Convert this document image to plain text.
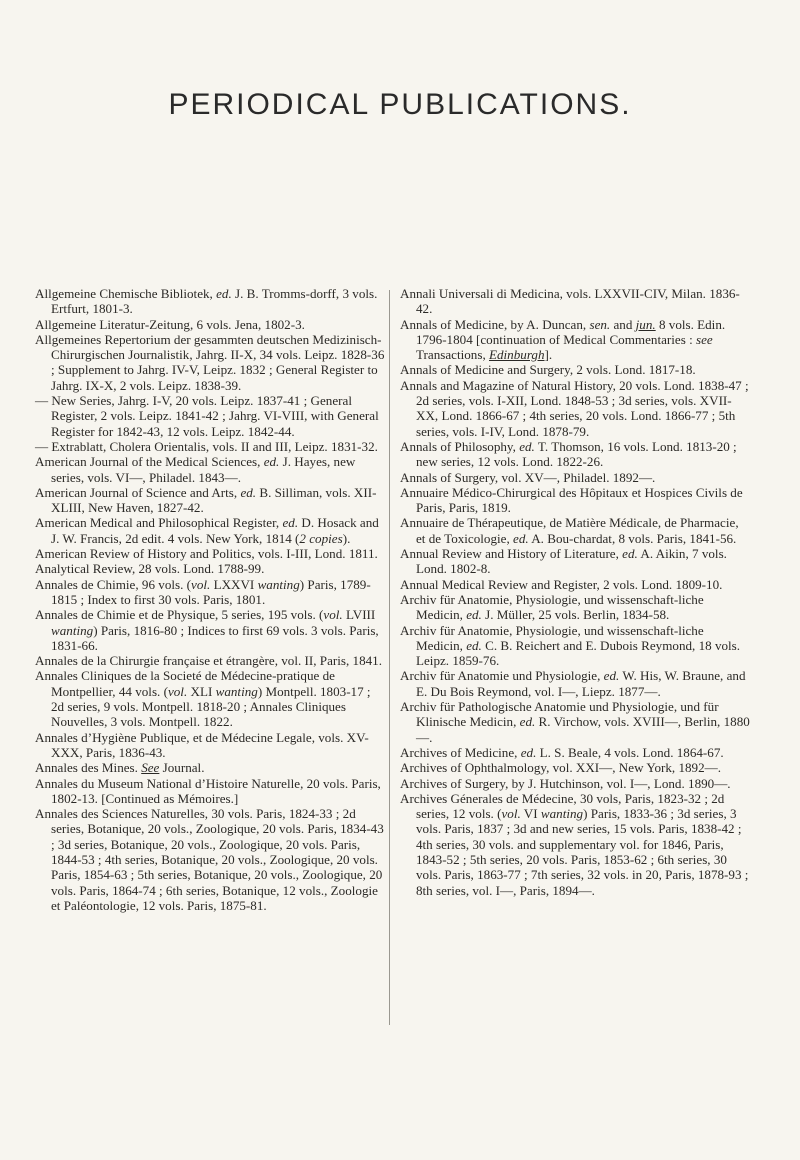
PERIODICAL PUBLICATIONS.

Allgemeine Chemische Bibliotek, ed. J. B. Tromms-dorff, 3 vols. Ertfurt, 1801-3.

Allgemeine Literatur-Zeitung, 6 vols. Jena, 1802-3.

Allgemeines Repertorium der gesammten deutschen Medizinisch-Chirurgischen Journalistik, Jahrg. II-X, 34 vols. Leipz. 1828-36 ; Supplement to Jahrg. IV-V, Leipz. 1832 ; General Register to Jahrg. IX-X, 2 vols. Leipz. 1838-39.

— New Series, Jahrg. I-V, 20 vols. Leipz. 1837-41 ; General Register, 2 vols. Leipz. 1841-42 ; Jahrg. VI-VIII, with General Register for 1842-43, 12 vols. Leipz. 1842-44.

— Extrablatt, Cholera Orientalis, vols. II and III, Leipz. 1831-32.

American Journal of the Medical Sciences, ed. J. Hayes, new series, vols. VI—, Philadel. 1843—.

American Journal of Science and Arts, ed. B. Silliman, vols. XII-XLIII, New Haven, 1827-42.

American Medical and Philosophical Register, ed. D. Hosack and J. W. Francis, 2d edit. 4 vols. New York, 1814 (2 copies).

American Review of History and Politics, vols. I-III, Lond. 1811.

Analytical Review, 28 vols. Lond. 1788-99.

Annales de Chimie, 96 vols. (vol. LXXVI wanting) Paris, 1789-1815 ; Index to first 30 vols. Paris, 1801.

Annales de Chimie et de Physique, 5 series, 195 vols. (vol. LVIII wanting) Paris, 1816-80 ; Indices to first 69 vols. 3 vols. Paris, 1831-66.

Annales de la Chirurgie française et étrangère, vol. II, Paris, 1841.

Annales Cliniques de la Societé de Médecine-pratique de Montpellier, 44 vols. (vol. XLI wanting) Montpell. 1803-17 ; 2d series, 9 vols. Montpell. 1818-20 ; Annales Cliniques Nouvelles, 3 vols. Montpell. 1822.

Annales d’Hygiène Publique, et de Médecine Legale, vols. XV-XXX, Paris, 1836-43.

Annales des Mines. See Journal.

Annales du Museum National d’Histoire Naturelle, 20 vols. Paris, 1802-13. [Continued as Mémoires.]

Annales des Sciences Naturelles, 30 vols. Paris, 1824-33 ; 2d series, Botanique, 20 vols., Zoologique, 20 vols. Paris, 1834-43 ; 3d series, Botanique, 20 vols., Zoologique, 20 vols. Paris, 1844-53 ; 4th series, Botanique, 20 vols., Zoologique, 20 vols. Paris, 1854-63 ; 5th series, Botanique, 20 vols., Zoologique, 20 vols. Paris, 1864-74 ; 6th series, Botanique, 12 vols., Zoologie et Paléontologie, 12 vols. Paris, 1875-81.

Annali Universali di Medicina, vols. LXXVII-CIV, Milan. 1836-42.

Annals of Medicine, by A. Duncan, sen. and jun. 8 vols. Edin. 1796-1804 [continuation of Medical Commentaries : see Transactions, Edinburgh].

Annals of Medicine and Surgery, 2 vols. Lond. 1817-18.

Annals and Magazine of Natural History, 20 vols. Lond. 1838-47 ; 2d series, vols. I-XII, Lond. 1848-53 ; 3d series, vols. XVII-XX, Lond. 1866-67 ; 4th series, 20 vols. Lond. 1866-77 ; 5th series, vols. I-IV, Lond. 1878-79.

Annals of Philosophy, ed. T. Thomson, 16 vols. Lond. 1813-20 ; new series, 12 vols. Lond. 1822-26.

Annals of Surgery, vol. XV—, Philadel. 1892—.

Annuaire Médico-Chirurgical des Hôpitaux et Hospices Civils de Paris, Paris, 1819.

Annuaire de Thérapeutique, de Matière Médicale, de Pharmacie, et de Toxicologie, ed. A. Bou-chardat, 8 vols. Paris, 1841-56.

Annual Review and History of Literature, ed. A. Aikin, 7 vols. Lond. 1802-8.

Annual Medical Review and Register, 2 vols. Lond. 1809-10.

Archiv für Anatomie, Physiologie, und wissenschaft-liche Medicin, ed. J. Müller, 25 vols. Berlin, 1834-58.

Archiv für Anatomie, Physiologie, und wissenschaft-liche Medicin, ed. C. B. Reichert and E. Dubois Reymond, 18 vols. Leipz. 1859-76.

Archiv für Anatomie und Physiologie, ed. W. His, W. Braune, and E. Du Bois Reymond, vol. I—, Liepz. 1877—.

Archiv für Pathologische Anatomie und Physiologie, und für Klinische Medicin, ed. R. Virchow, vols. XVIII—, Berlin, 1880—.

Archives of Medicine, ed. L. S. Beale, 4 vols. Lond. 1864-67.

Archives of Ophthalmology, vol. XXI—, New York, 1892—.

Archives of Surgery, by J. Hutchinson, vol. I—, Lond. 1890—.

Archives Génerales de Médecine, 30 vols, Paris, 1823-32 ; 2d series, 12 vols. (vol. VI wanting) Paris, 1833-36 ; 3d series, 3 vols. Paris, 1837 ; 3d and new series, 15 vols. Paris, 1838-42 ; 4th series, 30 vols. and supplementary vol. for 1846, Paris, 1843-52 ; 5th series, 20 vols. Paris, 1853-62 ; 6th series, 30 vols. Paris, 1863-77 ; 7th series, 32 vols. in 20, Paris, 1878-93 ; 8th series, vol. I—, Paris, 1894—.
